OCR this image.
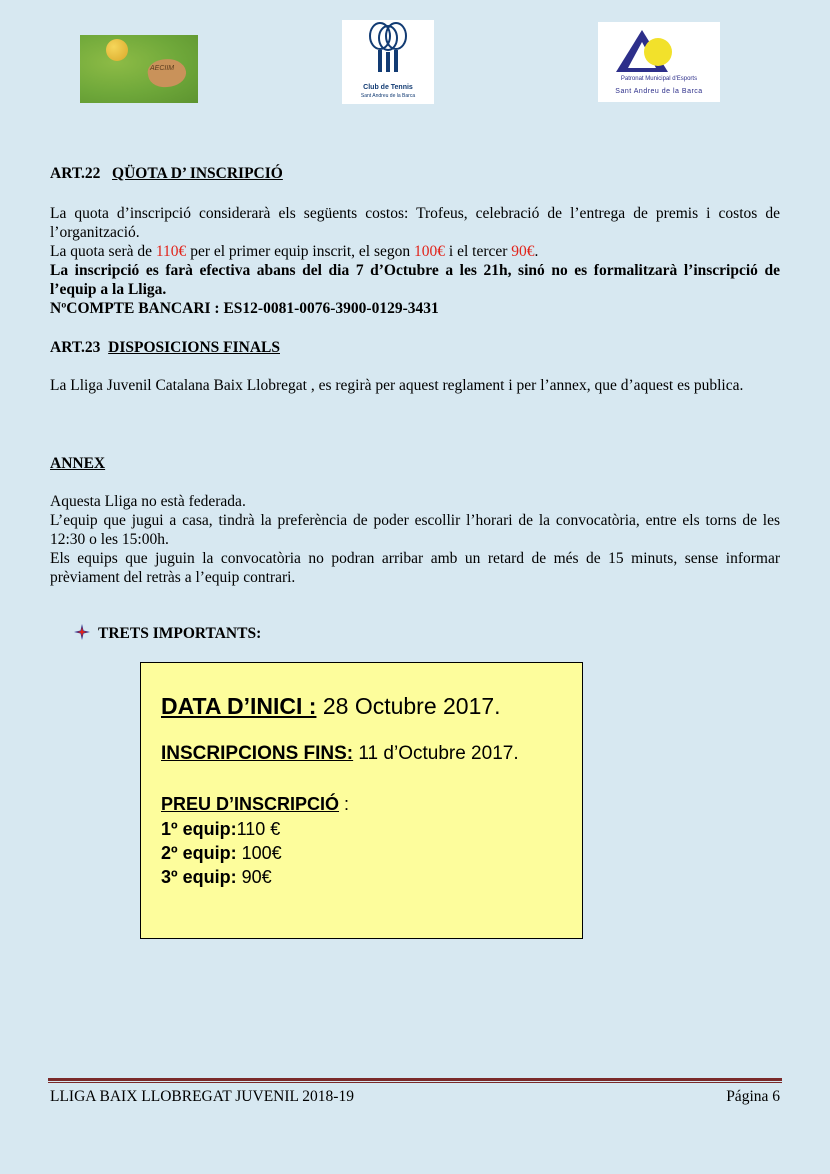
AECIIM
Club de Tennis
Sant Andreu de la Barca
Patronat Municipal d'Esports
Sant Andreu de la Barca
ART.22 QÜOTA D’ INSCRIPCIÓ
La quota d’inscripció considerarà els següents costos: Trofeus, celebració de l’entrega de premis i costos de l’organització.
La quota serà de 110€ per el primer equip inscrit, el segon 100€ i el tercer 90€.
La inscripció es farà efectiva abans del dia 7 d’Octubre a les 21h, sinó no es formalitzarà l’inscripció de l’equip a la Lliga.
NºCOMPTE BANCARI : ES12-0081-0076-3900-0129-3431
ART.23 DISPOSICIONS FINALS
La Lliga Juvenil Catalana Baix Llobregat , es regirà per aquest reglament i per l’annex, que d’aquest es publica.
ANNEX
Aquesta Lliga no està federada.
L’equip que jugui a casa, tindrà la preferència de poder escollir l’horari de la convocatòria, entre els torns de les 12:30 o les 15:00h.
Els equips que juguin la convocatòria no podran arribar amb un retard de més de 15 minuts, sense informar prèviament del retràs a l’equip contrari.
TRETS IMPORTANTS:
DATA D’INICI : 28 Octubre 2017.
INSCRIPCIONS FINS: 11 d’Octubre 2017.
PREU D’INSCRIPCIÓ :
1º equip:110 €
2º equip: 100€
3º equip: 90€
LLIGA BAIX LLOBREGAT JUVENIL 2018-19	Página 6
